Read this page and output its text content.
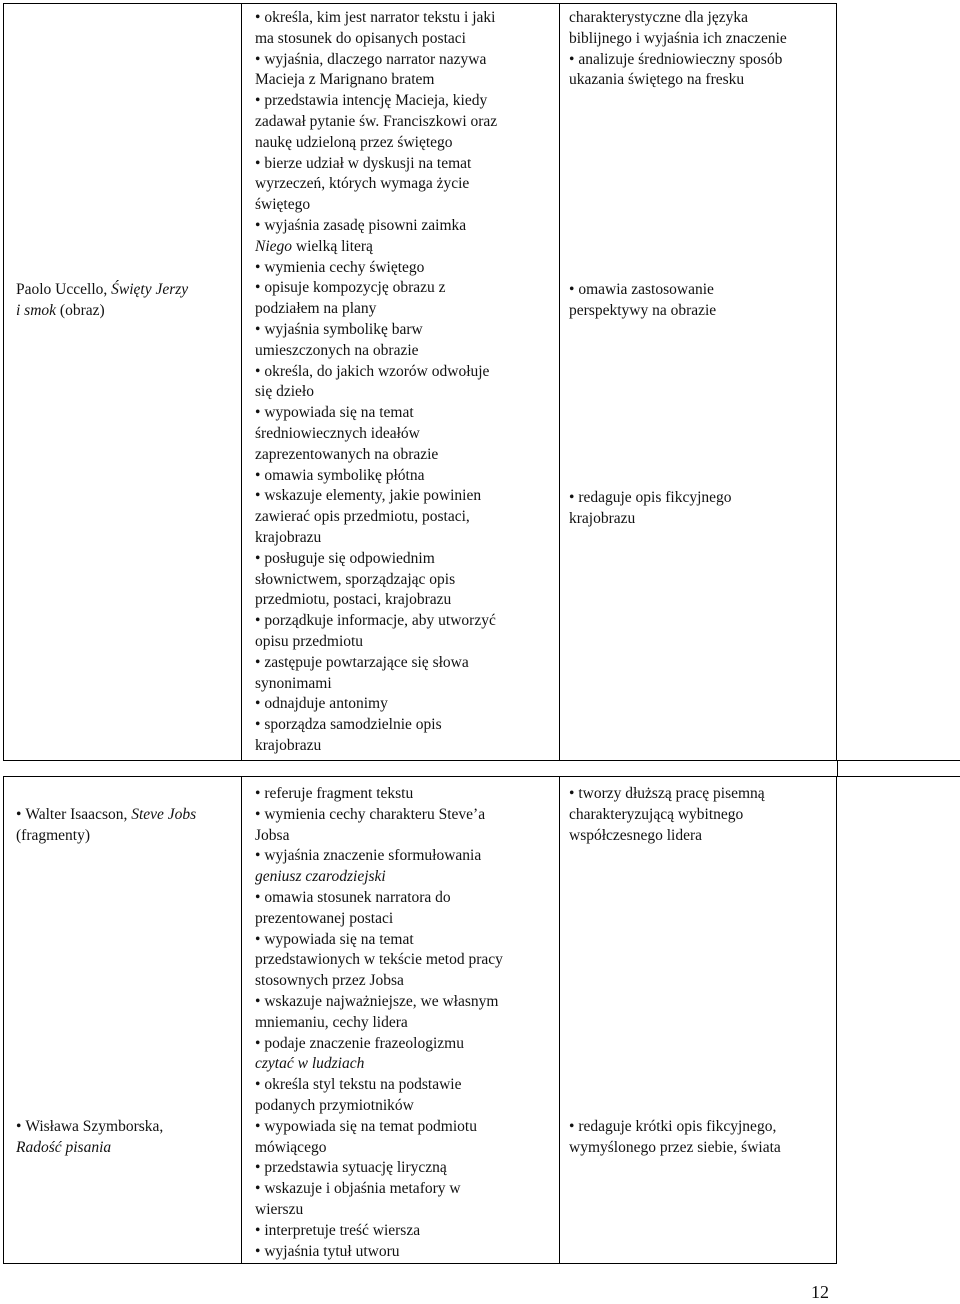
Paolo Uccello, Święty Jerzy

i smok (obraz)

• określa, kim jest narrator tekstu i jaki

ma stosunek do opisanych postaci

• wyjaśnia, dlaczego narrator nazywa

Macieja z Marignano bratem

• przedstawia intencję Macieja, kiedy

zadawał pytanie św. Franciszkowi oraz

naukę udzieloną przez świętego

• bierze udział w dyskusji na temat

wyrzeczeń, których wymaga życie

świętego

• wyjaśnia zasadę pisowni zaimka

Niego wielką literą

• wymienia cechy świętego

• opisuje kompozycję obrazu z

podziałem na plany

• wyjaśnia symbolikę barw

umieszczonych na obrazie

• określa, do jakich wzorów odwołuje

się dzieło

• wypowiada się na temat

średniowiecznych ideałów

zaprezentowanych na obrazie

• omawia symbolikę płótna

• wskazuje elementy, jakie powinien

zawierać opis przedmiotu, postaci,

krajobrazu

• posługuje się odpowiednim

słownictwem, sporządzając opis

przedmiotu, postaci, krajobrazu

• porządkuje informacje, aby utworzyć

opisu przedmiotu

• zastępuje powtarzające się słowa

synonimami

• odnajduje antonimy

• sporządza samodzielnie opis

krajobrazu

charakterystyczne dla języka

biblijnego i wyjaśnia ich znaczenie

• analizuje średniowieczny sposób

ukazania świętego na fresku

• omawia zastosowanie

perspektywy na obrazie

• redaguje opis fikcyjnego

krajobrazu

• Walter Isaacson, Steve Jobs

(fragmenty)

• Wisława Szymborska,

Radość pisania

• referuje fragment tekstu

• wymienia cechy charakteru Steve’a

Jobsa

• wyjaśnia znaczenie sformułowania

geniusz czarodziejski

• omawia stosunek narratora do

prezentowanej postaci

• wypowiada się na temat

przedstawionych w tekście metod pracy

stosownych przez Jobsa

• wskazuje najważniejsze, we własnym

mniemaniu, cechy lidera

• podaje znaczenie frazeologizmu

czytać w ludziach

• określa styl tekstu na podstawie

podanych przymiotników

• wypowiada się na temat podmiotu

mówiącego

• przedstawia sytuację liryczną

• wskazuje i objaśnia metafory w

wierszu

• interpretuje treść wiersza

• wyjaśnia tytuł utworu

• tworzy dłuższą pracę pisemną

charakteryzującą wybitnego

współczesnego lidera

• redaguje krótki opis fikcyjnego,

wymyślonego przez siebie, świata

12
